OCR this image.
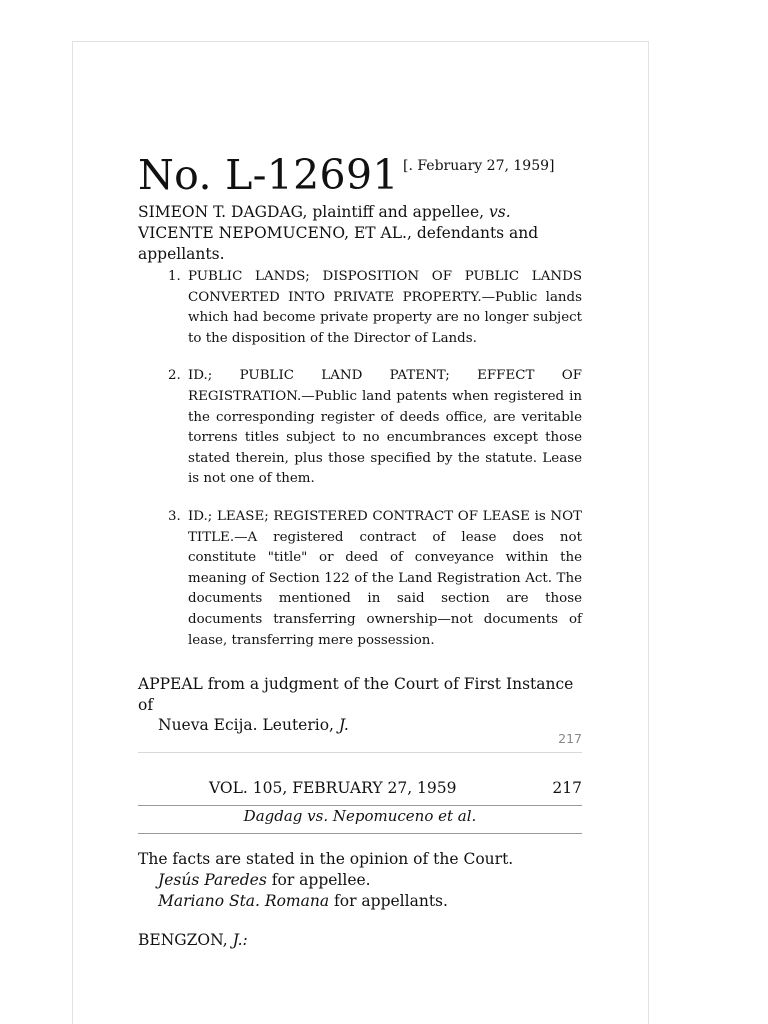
No. L-12691 [. February 27, 1959]
SIMEON T. DAGDAG, plaintiff and appellee, vs. VICENTE NEPOMUCENO, ET AL., defendants and appellants.
1. PUBLIC LANDS; DISPOSITION OF PUBLIC LANDS CONVERTED INTO PRIVATE PROPERTY.—Public lands which had become private property are no longer subject to the disposition of the Director of Lands.
2. ID.; PUBLIC LAND PATENT; EFFECT OF REGISTRATION.—Public land patents when registered in the corresponding register of deeds office, are veritable torrens titles subject to no encumbrances except those stated therein, plus those specified by the statute. Lease is not one of them.
3. ID.; LEASE; REGISTERED CONTRACT OF LEASE is NOT TITLE.—A registered contract of lease does not constitute "title" or deed of conveyance within the meaning of Section 122 of the Land Registration Act. The documents mentioned in said section are those documents transferring ownership—not documents of lease, transferring mere possession.
APPEAL from a judgment of the Court of First Instance of
Nueva Ecija. Leuterio, J.
217
VOL. 105, FEBRUARY 27, 1959	217
Dagdag vs. Nepomuceno et al.
The facts are stated in the opinion of the Court.
Jesús Paredes for appellee.
Mariano Sta. Romana for appellants.
BENGZON, J.:
